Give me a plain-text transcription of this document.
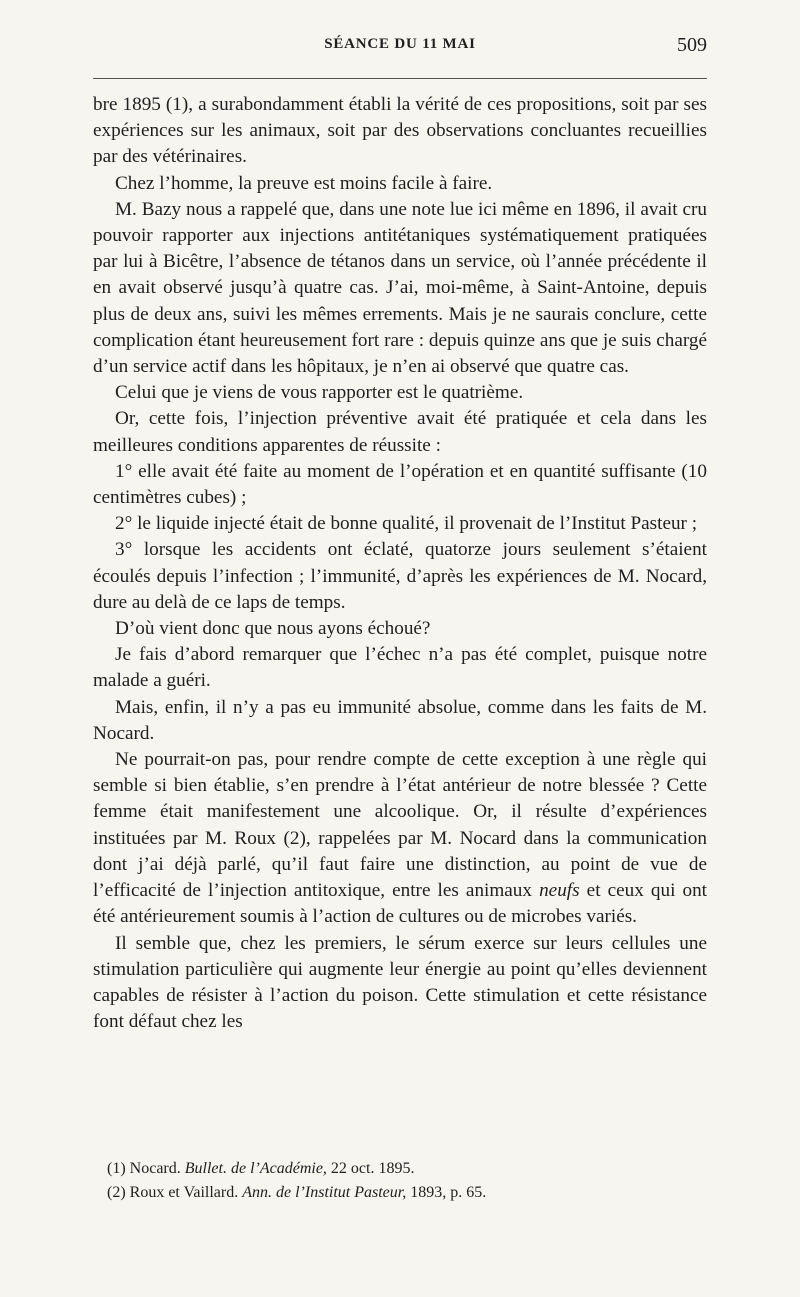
SÉANCE DU 11 MAI	509

bre 1895 (1), a surabondamment établi la vérité de ces propositions, soit par ses expériences sur les animaux, soit par des observations concluantes recueillies par des vétérinaires.

Chez l’homme, la preuve est moins facile à faire.

M. Bazy nous a rappelé que, dans une note lue ici même en 1896, il avait cru pouvoir rapporter aux injections antitétaniques systématiquement pratiquées par lui à Bicêtre, l’absence de tétanos dans un service, où l’année précédente il en avait observé jusqu’à quatre cas. J’ai, moi-même, à Saint-Antoine, depuis plus de deux ans, suivi les mêmes errements. Mais je ne saurais conclure, cette complication étant heureusement fort rare : depuis quinze ans que je suis chargé d’un service actif dans les hôpitaux, je n’en ai observé que quatre cas.

Celui que je viens de vous rapporter est le quatrième.

Or, cette fois, l’injection préventive avait été pratiquée et cela dans les meilleures conditions apparentes de réussite :

1° elle avait été faite au moment de l’opération et en quantité suffisante (10 centimètres cubes) ;

2° le liquide injecté était de bonne qualité, il provenait de l’Institut Pasteur ;

3° lorsque les accidents ont éclaté, quatorze jours seulement s’étaient écoulés depuis l’infection ; l’immunité, d’après les expériences de M. Nocard, dure au delà de ce laps de temps.

D’où vient donc que nous ayons échoué?

Je fais d’abord remarquer que l’échec n’a pas été complet, puisque notre malade a guéri.

Mais, enfin, il n’y a pas eu immunité absolue, comme dans les faits de M. Nocard.

Ne pourrait-on pas, pour rendre compte de cette exception à une règle qui semble si bien établie, s’en prendre à l’état antérieur de notre blessée ? Cette femme était manifestement une alcoolique. Or, il résulte d’expériences instituées par M. Roux (2), rappelées par M. Nocard dans la communication dont j’ai déjà parlé, qu’il faut faire une distinction, au point de vue de l’efficacité de l’injection antitoxique, entre les animaux neufs et ceux qui ont été antérieurement soumis à l’action de cultures ou de microbes variés.

Il semble que, chez les premiers, le sérum exerce sur leurs cellules une stimulation particulière qui augmente leur énergie au point qu’elles deviennent capables de résister à l’action du poison. Cette stimulation et cette résistance font défaut chez les

(1) Nocard. Bullet. de l’Académie, 22 oct. 1895.

(2) Roux et Vaillard. Ann. de l’Institut Pasteur, 1893, p. 65.
